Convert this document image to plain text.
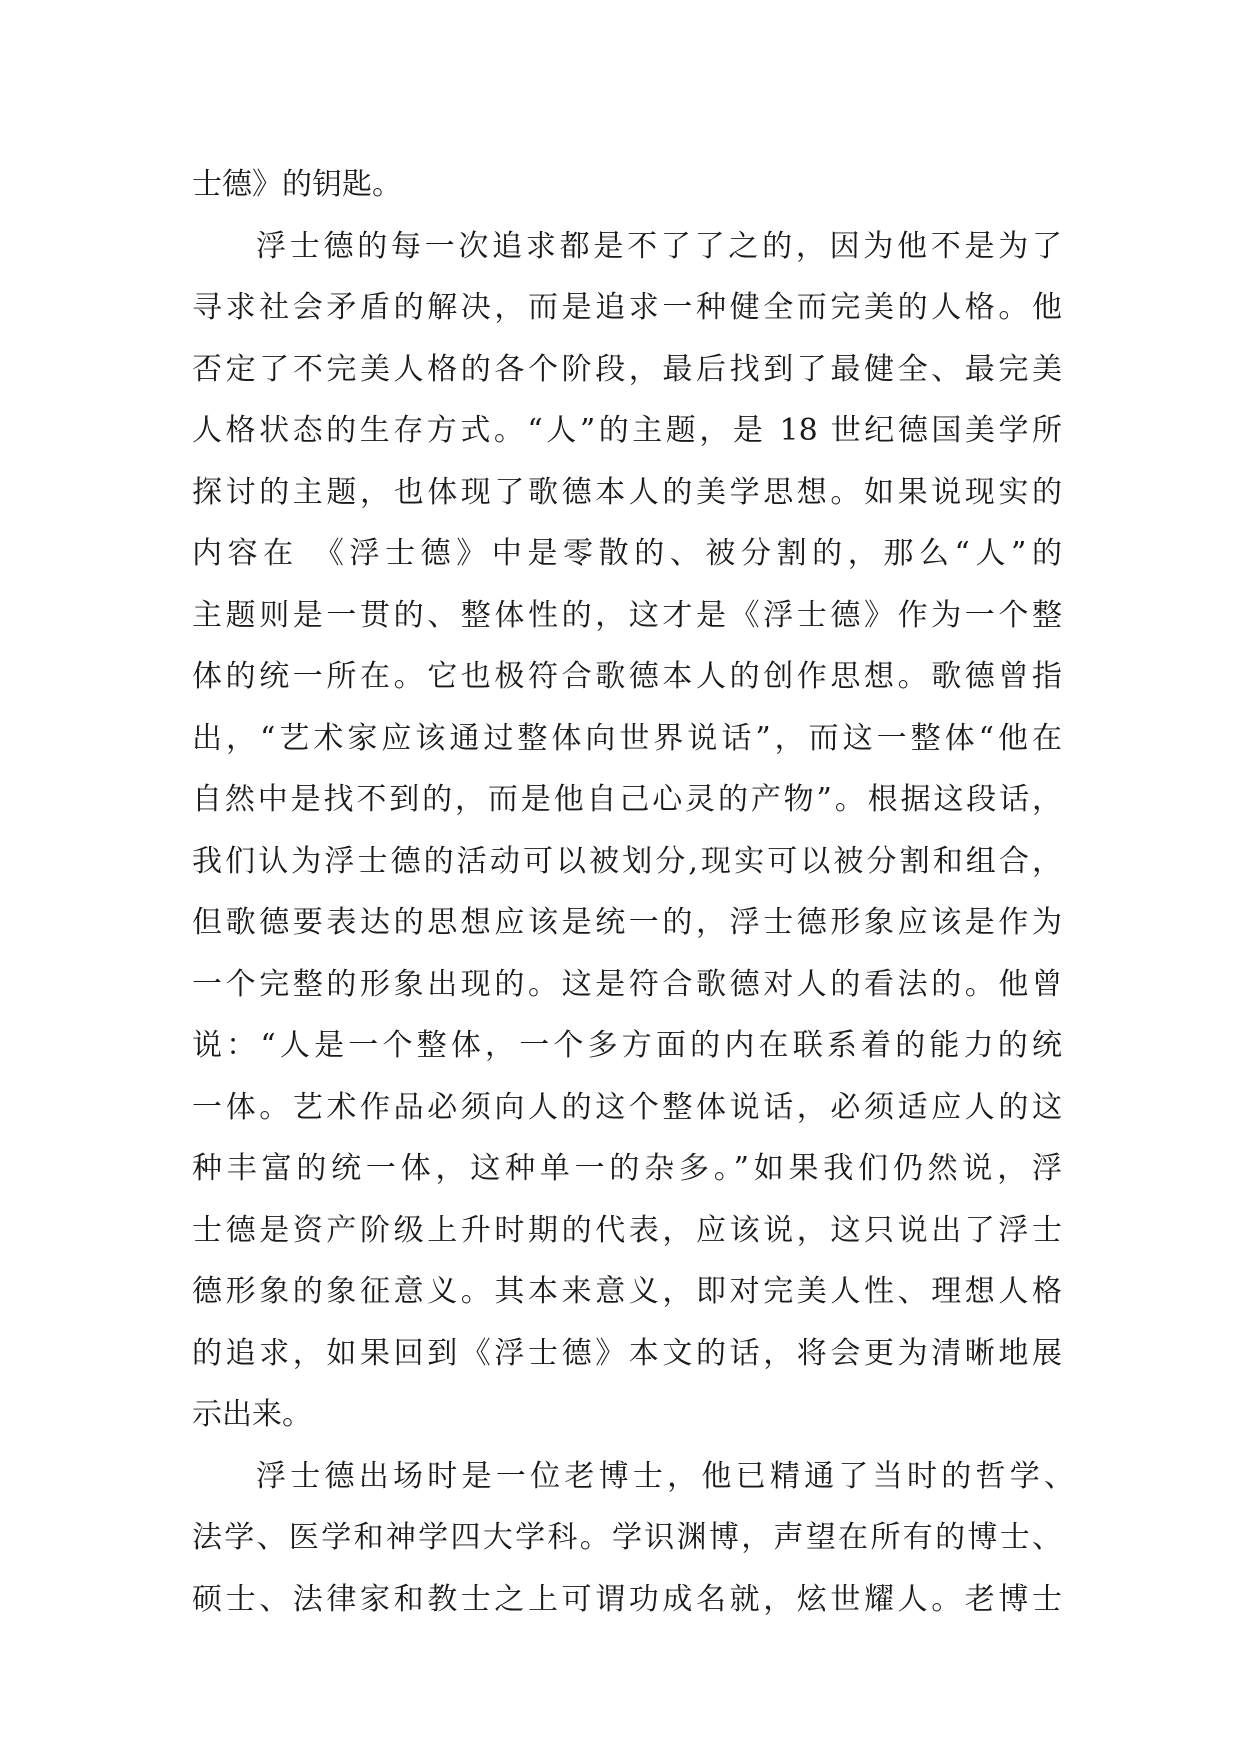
士德》的钥匙。
浮士德的每一次追求都是不了了之的，因为他不是为了
寻求社会矛盾的解决，而是追求一种健全而完美的人格。他
否定了不完美人格的各个阶段，最后找到了最健全、最完美
人格状态的生存方式。“人”的主题，是 18 世纪德国美学所
探讨的主题，也体现了歌德本人的美学思想。如果说现实的
内容在 《浮士德》中是零散的、被分割的，那么“人”的
主题则是一贯的、整体性的，这才是《浮士德》作为一个整
体的统一所在。它也极符合歌德本人的创作思想。歌德曾指
出，“艺术家应该通过整体向世界说话”，而这一整体“他在
自然中是找不到的，而是他自己心灵的产物”。根据这段话，
我们认为浮士德的活动可以被划分,现实可以被分割和组合，
但歌德要表达的思想应该是统一的，浮士德形象应该是作为
一个完整的形象出现的。这是符合歌德对人的看法的。他曾
说：“人是一个整体，一个多方面的内在联系着的能力的统
一体。艺术作品必须向人的这个整体说话，必须适应人的这
种丰富的统一体，这种单一的杂多。”如果我们仍然说，浮
士德是资产阶级上升时期的代表，应该说，这只说出了浮士
德形象的象征意义。其本来意义，即对完美人性、理想人格
的追求，如果回到《浮士德》本文的话，将会更为清晰地展
示出来。
浮士德出场时是一位老博士，他已精通了当时的哲学、
法学、医学和神学四大学科。学识渊博，声望在所有的博士、
硕士、法律家和教士之上可谓功成名就，炫世耀人。老博士
